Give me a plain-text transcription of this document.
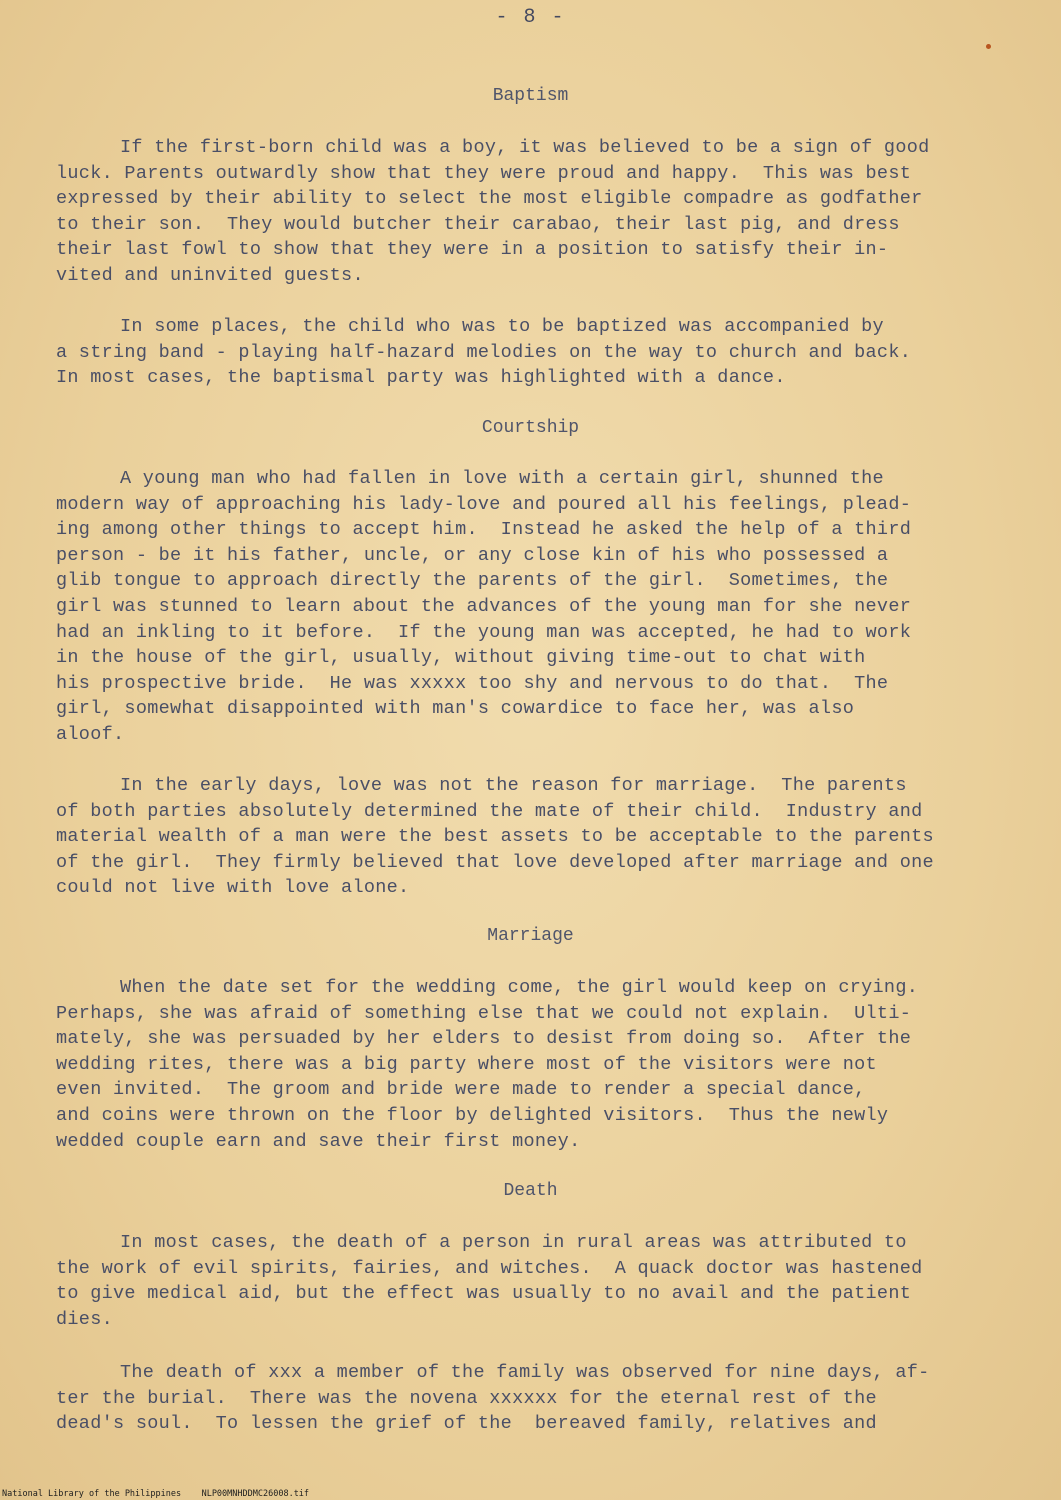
- 8 -
Baptism

If the first-born child was a boy, it was believed to be a sign of good
luck. Parents outwardly show that they were proud and happy.  This was best
expressed by their ability to select the most eligible compadre as godfather
to their son.  They would butcher their carabao, their last pig, and dress
their last fowl to show that they were in a position to satisfy their in-
vited and uninvited guests.

In some places, the child who was to be baptized was accompanied by
a string band - playing half-hazard melodies on the way to church and back.
In most cases, the baptismal party was highlighted with a dance.

Courtship

A young man who had fallen in love with a certain girl, shunned the
modern way of approaching his lady-love and poured all his feelings, plead-
ing among other things to accept him.  Instead he asked the help of a third
person - be it his father, uncle, or any close kin of his who possessed a
glib tongue to approach directly the parents of the girl.  Sometimes, the
girl was stunned to learn about the advances of the young man for she never
had an inkling to it before.  If the young man was accepted, he had to work
in the house of the girl, usually, without giving time-out to chat with
his prospective bride.  He was xxxxx too shy and nervous to do that.  The
girl, somewhat disappointed with man's cowardice to face her, was also
aloof.

In the early days, love was not the reason for marriage.  The parents
of both parties absolutely determined the mate of their child.  Industry and
material wealth of a man were the best assets to be acceptable to the parents
of the girl.  They firmly believed that love developed after marriage and one
could not live with love alone.

Marriage

When the date set for the wedding come, the girl would keep on crying.
Perhaps, she was afraid of something else that we could not explain.  Ulti-
mately, she was persuaded by her elders to desist from doing so.  After the
wedding rites, there was a big party where most of the visitors were not
even invited.  The groom and bride were made to render a special dance,
and coins were thrown on the floor by delighted visitors.  Thus the newly
wedded couple earn and save their first money.

Death

In most cases, the death of a person in rural areas was attributed to
the work of evil spirits, fairies, and witches.  A quack doctor was hastened
to give medical aid, but the effect was usually to no avail and the patient
dies.

The death of xxx a member of the family was observed for nine days, af-
ter the burial.  There was the novena xxxxxx for the eternal rest of the
dead's soul.  To lessen the grief of the  bereaved family, relatives and

National Library of the Philippines    NLP00MNHDDMC26008.tif
